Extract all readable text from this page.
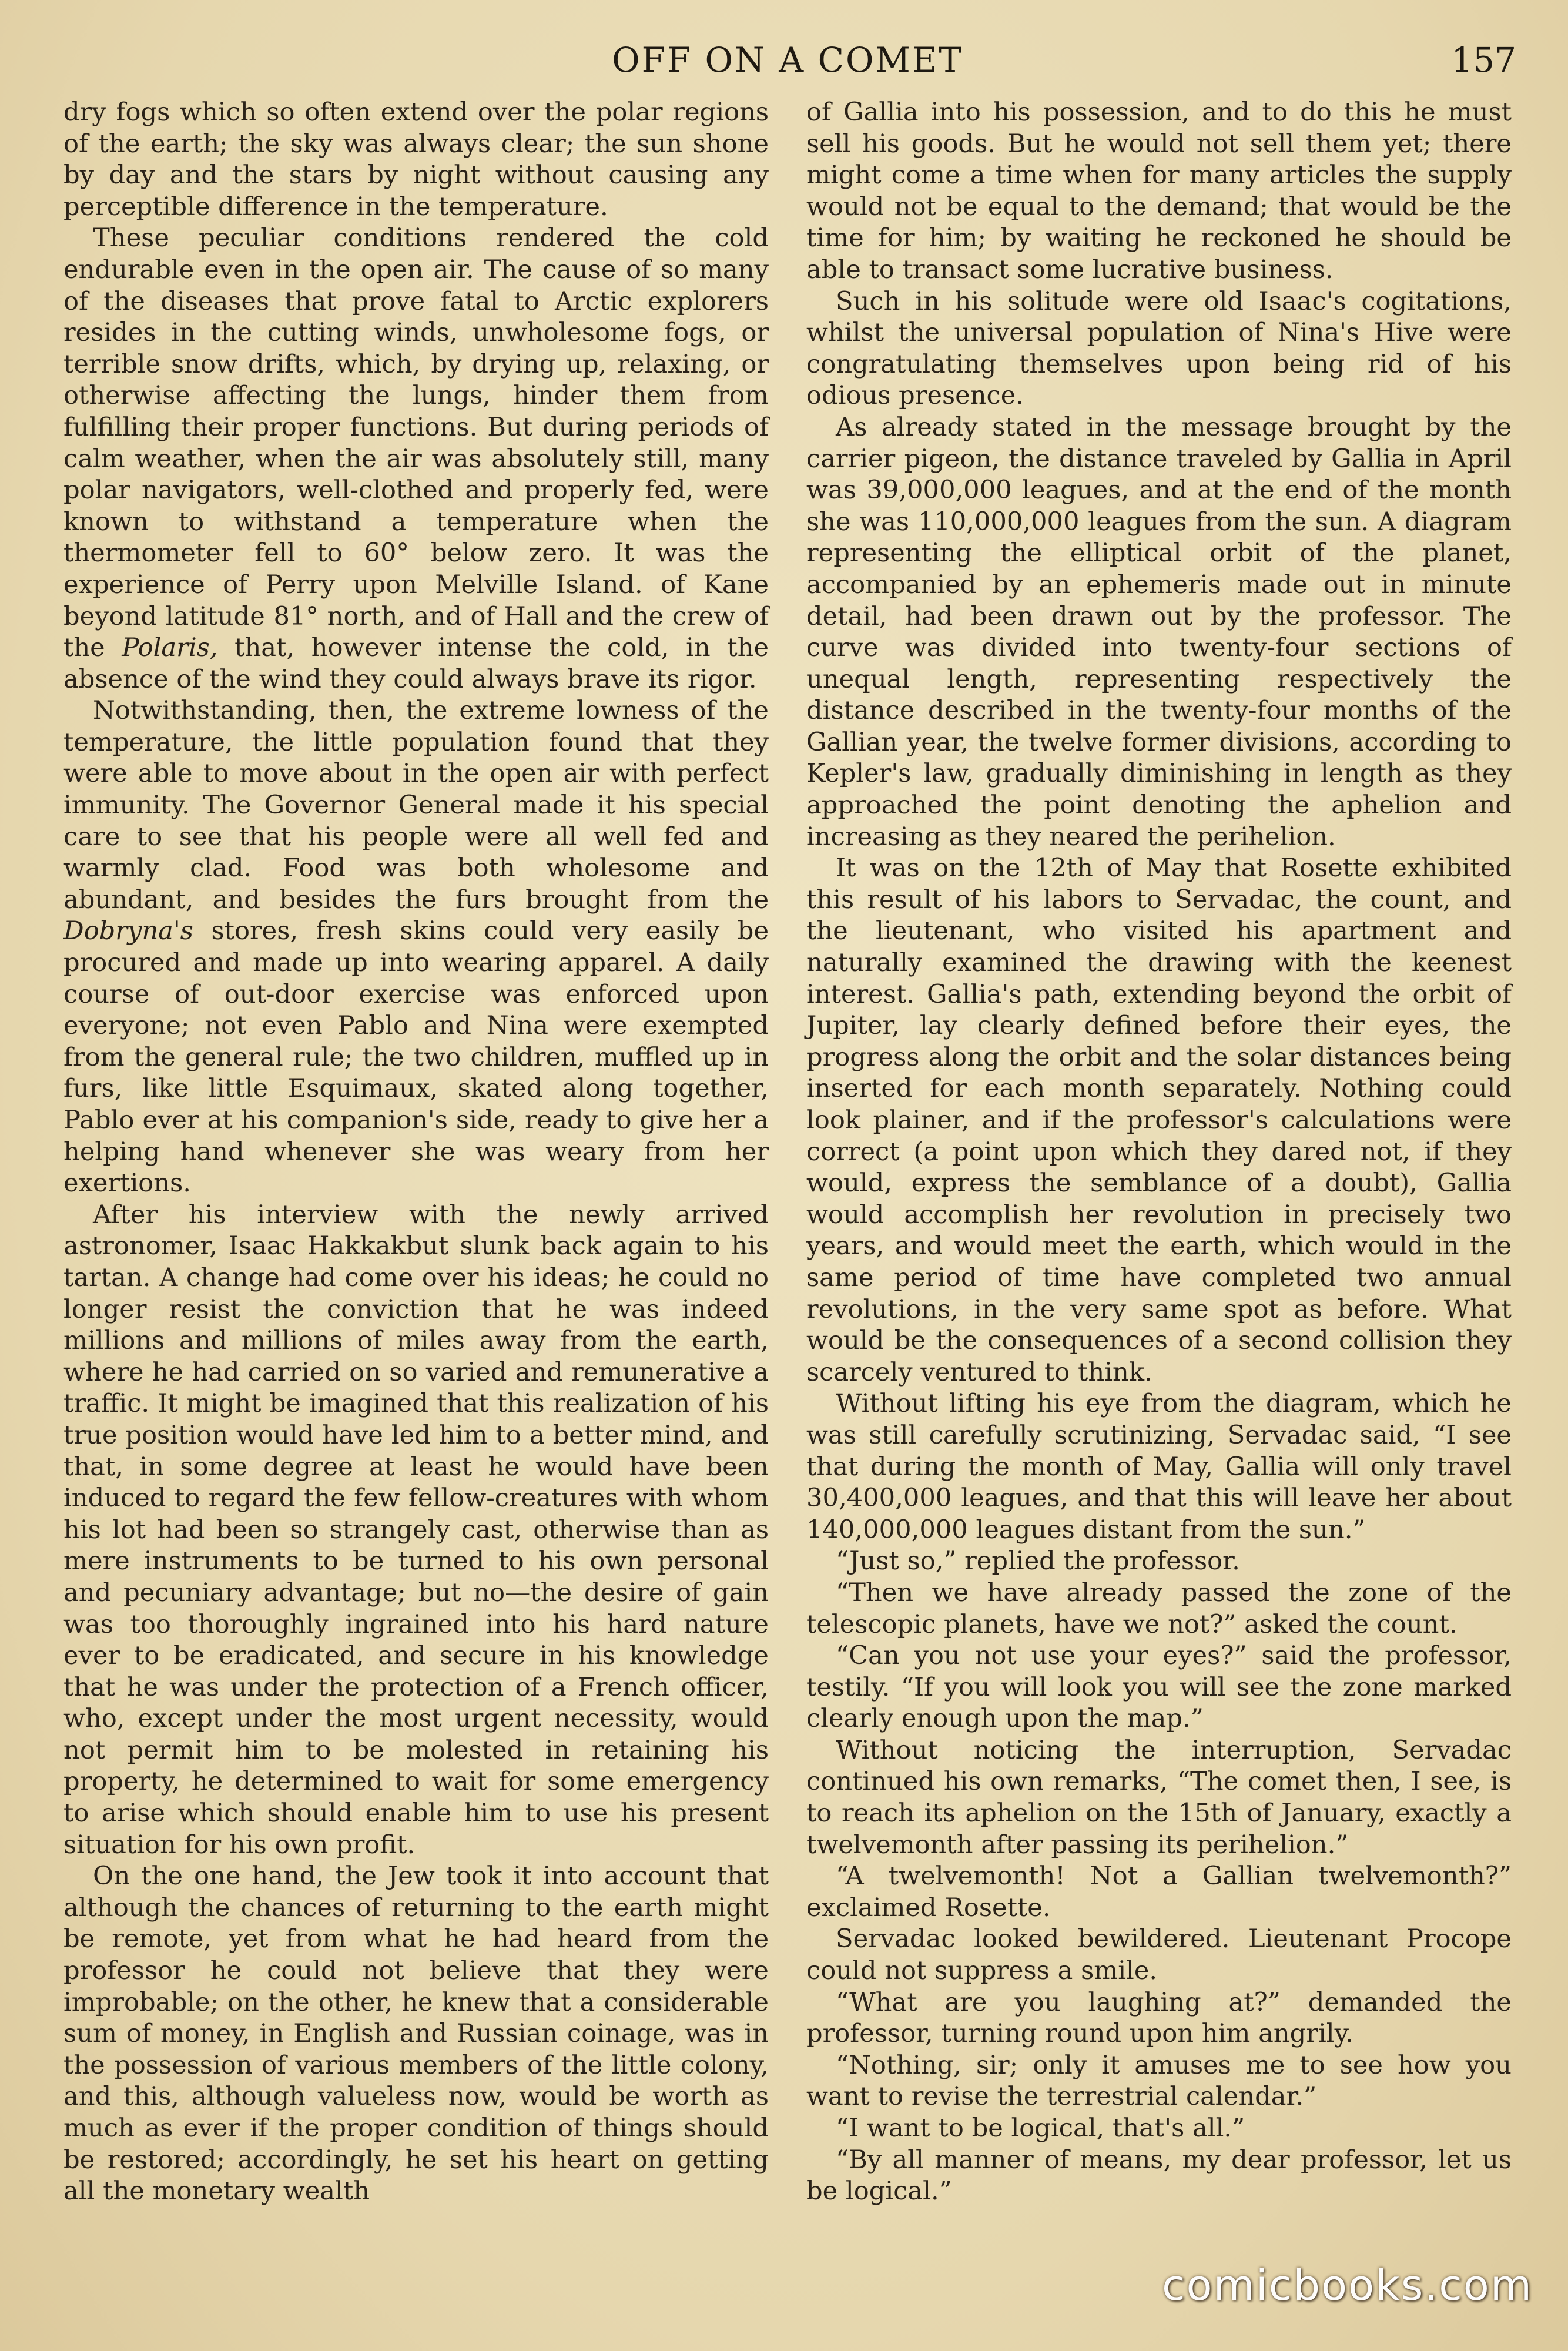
OFF ON A COMET	157

dry fogs which so often extend over the polar regions of the earth; the sky was always clear; the sun shone by day and the stars by night without causing any perceptible difference in the temperature.

These peculiar conditions rendered the cold endurable even in the open air. The cause of so many of the diseases that prove fatal to Arctic explorers resides in the cutting winds, unwholesome fogs, or terrible snow drifts, which, by drying up, relaxing, or otherwise affecting the lungs, hinder them from fulfilling their proper functions. But during periods of calm weather, when the air was absolutely still, many polar navigators, well-clothed and properly fed, were known to withstand a temperature when the thermometer fell to 60° below zero. It was the experience of Perry upon Melville Island. of Kane beyond latitude 81° north, and of Hall and the crew of the Polaris, that, however intense the cold, in the absence of the wind they could always brave its rigor.

Notwithstanding, then, the extreme lowness of the temperature, the little population found that they were able to move about in the open air with perfect immunity. The Governor General made it his special care to see that his people were all well fed and warmly clad. Food was both wholesome and abundant, and besides the furs brought from the Dobryna's stores, fresh skins could very easily be procured and made up into wearing apparel. A daily course of out-door exercise was enforced upon everyone; not even Pablo and Nina were exempted from the general rule; the two children, muffled up in furs, like little Esquimaux, skated along together, Pablo ever at his companion's side, ready to give her a helping hand whenever she was weary from her exertions.

After his interview with the newly arrived astronomer, Isaac Hakkakbut slunk back again to his tartan. A change had come over his ideas; he could no longer resist the conviction that he was indeed millions and millions of miles away from the earth, where he had carried on so varied and remunerative a traffic. It might be imagined that this realization of his true position would have led him to a better mind, and that, in some degree at least he would have been induced to regard the few fellow-creatures with whom his lot had been so strangely cast, otherwise than as mere instruments to be turned to his own personal and pecuniary advantage; but no—the desire of gain was too thoroughly ingrained into his hard nature ever to be eradicated, and secure in his knowledge that he was under the protection of a French officer, who, except under the most urgent necessity, would not permit him to be molested in retaining his property, he determined to wait for some emergency to arise which should enable him to use his present situation for his own profit.

On the one hand, the Jew took it into account that although the chances of returning to the earth might be remote, yet from what he had heard from the professor he could not believe that they were improbable; on the other, he knew that a considerable sum of money, in English and Russian coinage, was in the possession of various members of the little colony, and this, although valueless now, would be worth as much as ever if the proper condition of things should be restored; accordingly, he set his heart on getting all the monetary wealth

of Gallia into his possession, and to do this he must sell his goods. But he would not sell them yet; there might come a time when for many articles the supply would not be equal to the demand; that would be the time for him; by waiting he reckoned he should be able to transact some lucrative business.

Such in his solitude were old Isaac's cogitations, whilst the universal population of Nina's Hive were congratulating themselves upon being rid of his odious presence.

As already stated in the message brought by the carrier pigeon, the distance traveled by Gallia in April was 39,000,000 leagues, and at the end of the month she was 110,000,000 leagues from the sun. A diagram representing the elliptical orbit of the planet, accompanied by an ephemeris made out in minute detail, had been drawn out by the professor. The curve was divided into twenty-four sections of unequal length, representing respectively the distance described in the twenty-four months of the Gallian year, the twelve former divisions, according to Kepler's law, gradually diminishing in length as they approached the point denoting the aphelion and increasing as they neared the perihelion.

It was on the 12th of May that Rosette exhibited this result of his labors to Servadac, the count, and the lieutenant, who visited his apartment and naturally examined the drawing with the keenest interest. Gallia's path, extending beyond the orbit of Jupiter, lay clearly defined before their eyes, the progress along the orbit and the solar distances being inserted for each month separately. Nothing could look plainer, and if the professor's calculations were correct (a point upon which they dared not, if they would, express the semblance of a doubt), Gallia would accomplish her revolution in precisely two years, and would meet the earth, which would in the same period of time have completed two annual revolutions, in the very same spot as before. What would be the consequences of a second collision they scarcely ventured to think.

Without lifting his eye from the diagram, which he was still carefully scrutinizing, Servadac said, “I see that during the month of May, Gallia will only travel 30,400,000 leagues, and that this will leave her about 140,000,000 leagues distant from the sun.”

“Just so,” replied the professor.

“Then we have already passed the zone of the telescopic planets, have we not?” asked the count.

“Can you not use your eyes?” said the professor, testily. “If you will look you will see the zone marked clearly enough upon the map.”

Without noticing the interruption, Servadac continued his own remarks, “The comet then, I see, is to reach its aphelion on the 15th of January, exactly a twelvemonth after passing its perihelion.”

“A twelvemonth! Not a Gallian twelvemonth?” exclaimed Rosette.

Servadac looked bewildered. Lieutenant Procope could not suppress a smile.

“What are you laughing at?” demanded the professor, turning round upon him angrily.

“Nothing, sir; only it amuses me to see how you want to revise the terrestrial calendar.”

“I want to be logical, that's all.”

“By all manner of means, my dear professor, let us be logical.”

comicbooks.com
